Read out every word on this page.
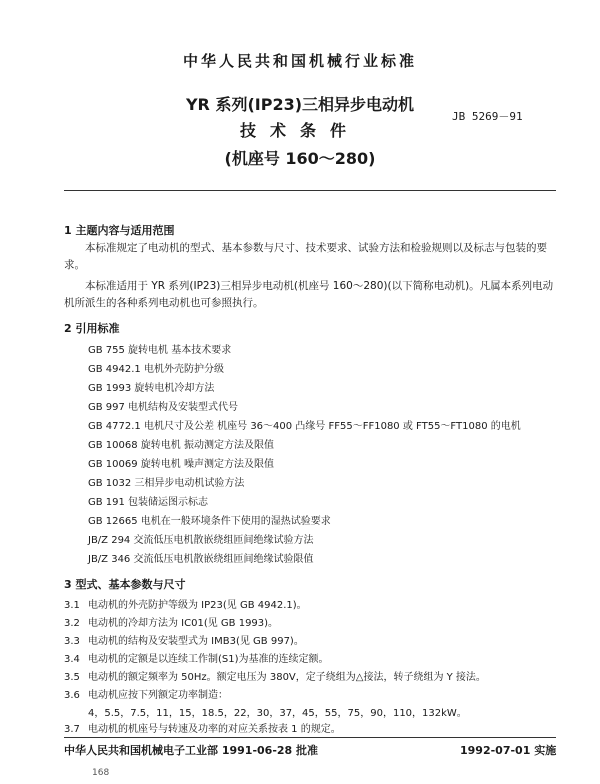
中华人民共和国机械行业标准
YR 系列(IP23)三相异步电动机
技术条件
(机座号 160～280)
JB 5269－91
1 主题内容与适用范围
本标准规定了电动机的型式、基本参数与尺寸、技术要求、试验方法和检验规则以及标志与包装的要求。
本标准适用于 YR 系列(IP23)三相异步电动机(机座号 160～280)(以下简称电动机)。凡属本系列电动机所派生的各种系列电动机也可参照执行。
2 引用标准
GB 755 旋转电机 基本技术要求
GB 4942.1 电机外壳防护分级
GB 1993 旋转电机冷却方法
GB 997 电机结构及安装型式代号
GB 4772.1 电机尺寸及公差 机座号 36～400 凸缘号 FF55～FF1080 或 FT55～FT1080 的电机
GB 10068 旋转电机 振动测定方法及限值
GB 10069 旋转电机 噪声测定方法及限值
GB 1032 三相异步电动机试验方法
GB 191 包装储运图示标志
GB 12665 电机在一般环境条件下使用的湿热试验要求
JB/Z 294 交流低压电机散嵌绕组匝间绝缘试验方法
JB/Z 346 交流低压电机散嵌绕组匝间绝缘试验限值
3 型式、基本参数与尺寸
3.1 电动机的外壳防护等级为 IP23(见 GB 4942.1)。
3.2 电动机的冷却方法为 IC01(见 GB 1993)。
3.3 电动机的结构及安装型式为 IMB3(见 GB 997)。
3.4 电动机的定额是以连续工作制(S1)为基准的连续定额。
3.5 电动机的额定频率为 50Hz。额定电压为 380V，定子绕组为△接法，转子绕组为 Y 接法。
3.6 电动机应按下列额定功率制造：
4，5.5，7.5，11，15，18.5，22，30，37，45，55，75，90，110，132kW。
3.7 电动机的机座号与转速及功率的对应关系按表 1 的规定。
中华人民共和国机械电子工业部 1991-06-28 批准	1992-07-01 实施
168
